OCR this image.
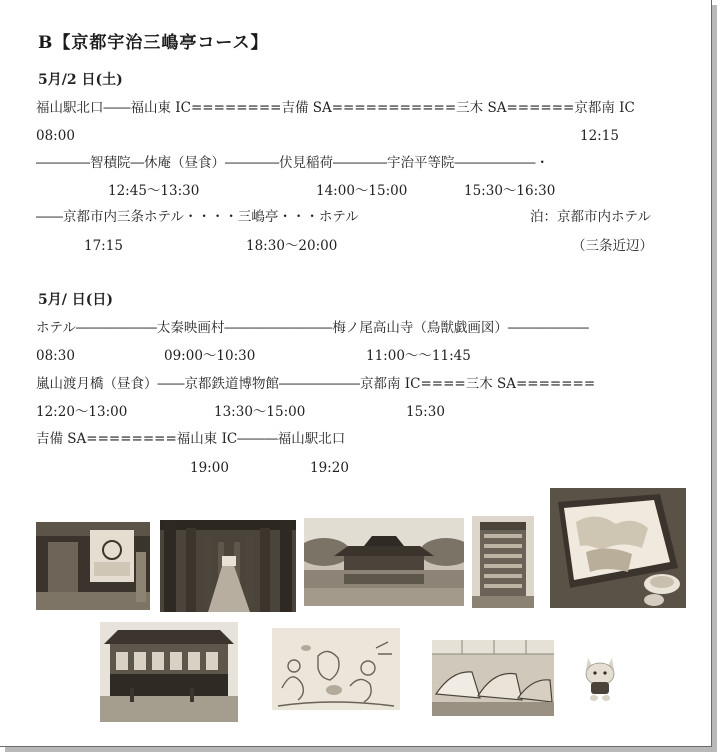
B【京都宇治三嶋亭コース】
5月/2 日(土)
福山駅北口――福山東 IC========吉備 SA===========三木 SA======京都南 IC
08:00	12:15
――――智積院―休庵（昼食）――――伏見稲荷――――宇治平等院――――――・
12:45～13:30	14:00～15:00	15:30～16:30
――京都市内三条ホテル・・・・三嶋亭・・・ホテル	泊：京都市内ホテル
17:15	18:30～20:00	（三条近辺）
5月/ 日(日)
ホテル――――――太秦映画村――――――――梅ノ尾高山寺（鳥獣戯画図）――――――
08:30	09:00～10:30	11:00～～11:45
嵐山渡月橋（昼食）――京都鉄道博物館――――――京都南 IC====三木 SA=======
12:20～13:00	13:30～15:00	15:30
吉備 SA========福山東 IC―――福山駅北口
19:00	19:20
